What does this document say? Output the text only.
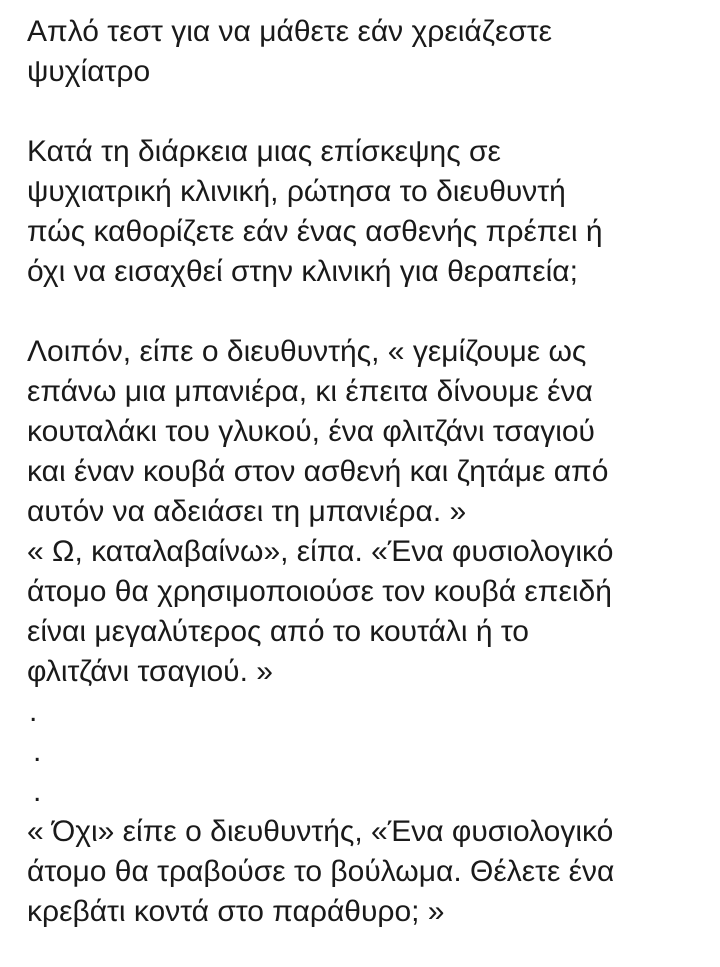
Απλό τεστ για να μάθετε εάν χρειάζεστε
ψυχίατρο

Κατά τη διάρκεια μιας επίσκεψης σε
ψυχιατρική κλινική, ρώτησα το διευθυντή
πώς καθορίζετε εάν ένας ασθενής πρέπει ή
όχι να εισαχθεί στην κλινική για θεραπεία;

Λοιπόν, είπε ο διευθυντής, « γεμίζουμε ως
επάνω μια μπανιέρα, κι έπειτα δίνουμε ένα
κουταλάκι του γλυκού, ένα φλιτζάνι τσαγιού
και έναν κουβά στον ασθενή και ζητάμε από
αυτόν να αδειάσει τη μπανιέρα. »

« Ω, καταλαβαίνω», είπα. «Ένα φυσιολογικό
άτομο θα χρησιμοποιούσε τον κουβά επειδή
είναι μεγαλύτερος από το κουτάλι ή το
φλιτζάνι τσαγιού. »

.
.
.

« Όχι» είπε ο διευθυντής, «Ένα φυσιολογικό
άτομο θα τραβούσε το βούλωμα. Θέλετε ένα
κρεβάτι κοντά στο παράθυρο; »
